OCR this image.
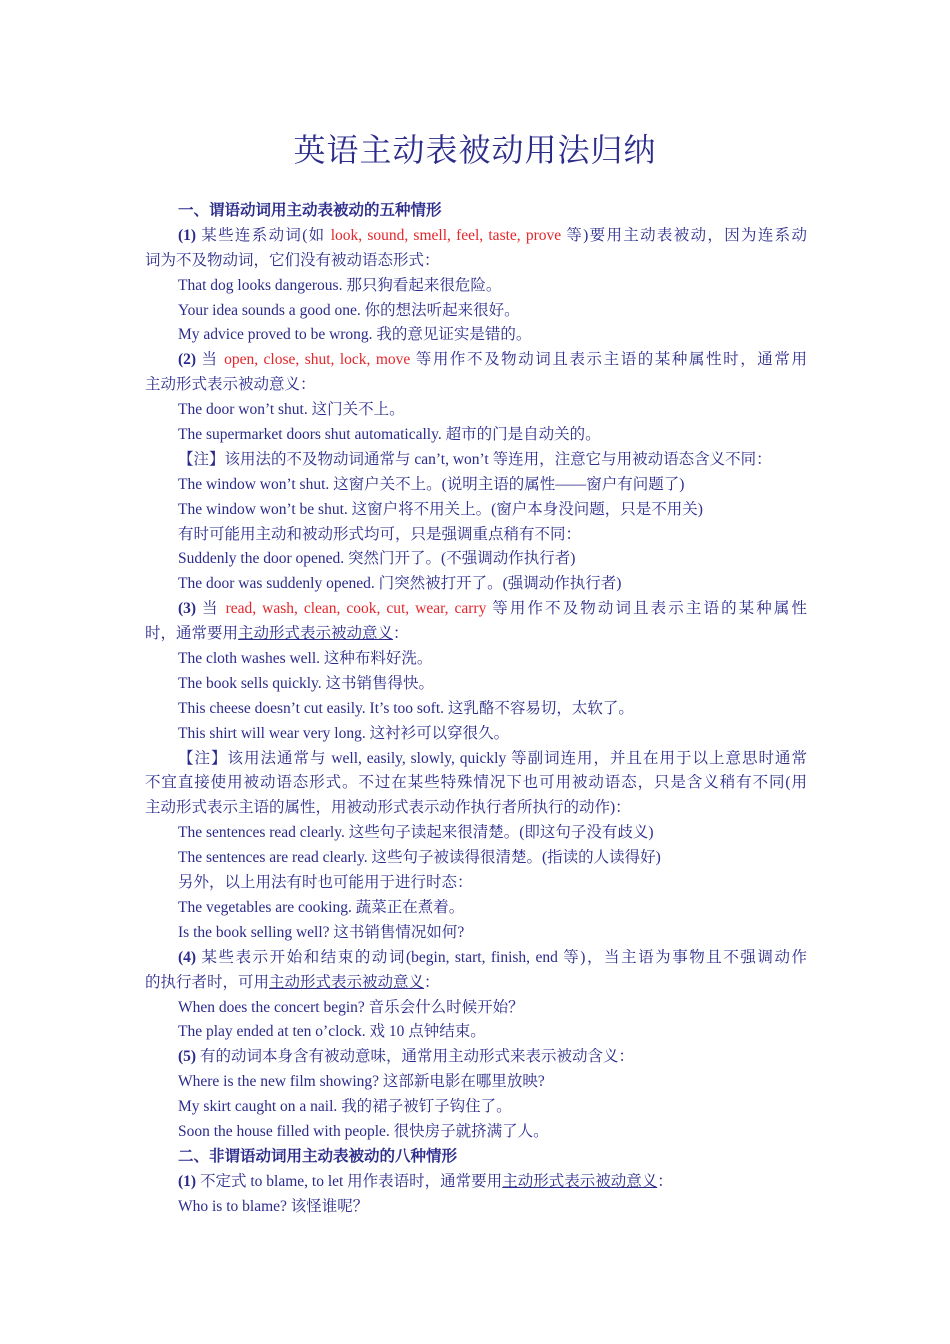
英语主动表被动用法归纳
一、谓语动词用主动表被动的五种情形
(1) 某些连系动词(如 look, sound, smell, feel, taste, prove 等)要用主动表被动，因为连系动
词为不及物动词，它们没有被动语态形式：
That dog looks dangerous. 那只狗看起来很危险。
Your idea sounds a good one. 你的想法听起来很好。
My advice proved to be wrong. 我的意见证实是错的。
(2) 当 open, close, shut, lock, move 等用作不及物动词且表示主语的某种属性时，通常用
主动形式表示被动意义：
The door won’t shut. 这门关不上。
The supermarket doors shut automatically. 超市的门是自动关的。
【注】该用法的不及物动词通常与 can’t, won’t 等连用，注意它与用被动语态含义不同：
The window won’t shut. 这窗户关不上。(说明主语的属性——窗户有问题了)
The window won’t be shut. 这窗户将不用关上。(窗户本身没问题，只是不用关)
有时可能用主动和被动形式均可，只是强调重点稍有不同：
Suddenly the door opened. 突然门开了。(不强调动作执行者)
The door was suddenly opened. 门突然被打开了。(强调动作执行者)
(3) 当 read, wash, clean, cook, cut, wear, carry 等用作不及物动词且表示主语的某种属性
时，通常要用主动形式表示被动意义：
The cloth washes well. 这种布料好洗。
The book sells quickly. 这书销售得快。
This cheese doesn’t cut easily. It’s too soft. 这乳酪不容易切，太软了。
This shirt will wear very long. 这衬衫可以穿很久。
【注】该用法通常与 well, easily, slowly, quickly 等副词连用，并且在用于以上意思时通常
不宜直接使用被动语态形式。不过在某些特殊情况下也可用被动语态，只是含义稍有不同(用
主动形式表示主语的属性，用被动形式表示动作执行者所执行的动作)：
The sentences read clearly. 这些句子读起来很清楚。(即这句子没有歧义)
The sentences are read clearly. 这些句子被读得很清楚。(指读的人读得好)
另外，以上用法有时也可能用于进行时态：
The vegetables are cooking. 蔬菜正在煮着。
Is the book selling well? 这书销售情况如何?
(4) 某些表示开始和结束的动词(begin, start, finish, end 等)，当主语为事物且不强调动作
的执行者时，可用主动形式表示被动意义：
When does the concert begin? 音乐会什么时候开始？
The play ended at ten o’clock. 戏 10 点钟结束。
(5) 有的动词本身含有被动意味，通常用主动形式来表示被动含义：
Where is the new film showing? 这部新电影在哪里放映?
My skirt caught on a nail. 我的裙子被钉子钩住了。
Soon the house filled with people. 很快房子就挤满了人。
二、非谓语动词用主动表被动的八种情形
(1) 不定式 to blame, to let 用作表语时，通常要用主动形式表示被动意义：
Who is to blame? 该怪谁呢？
